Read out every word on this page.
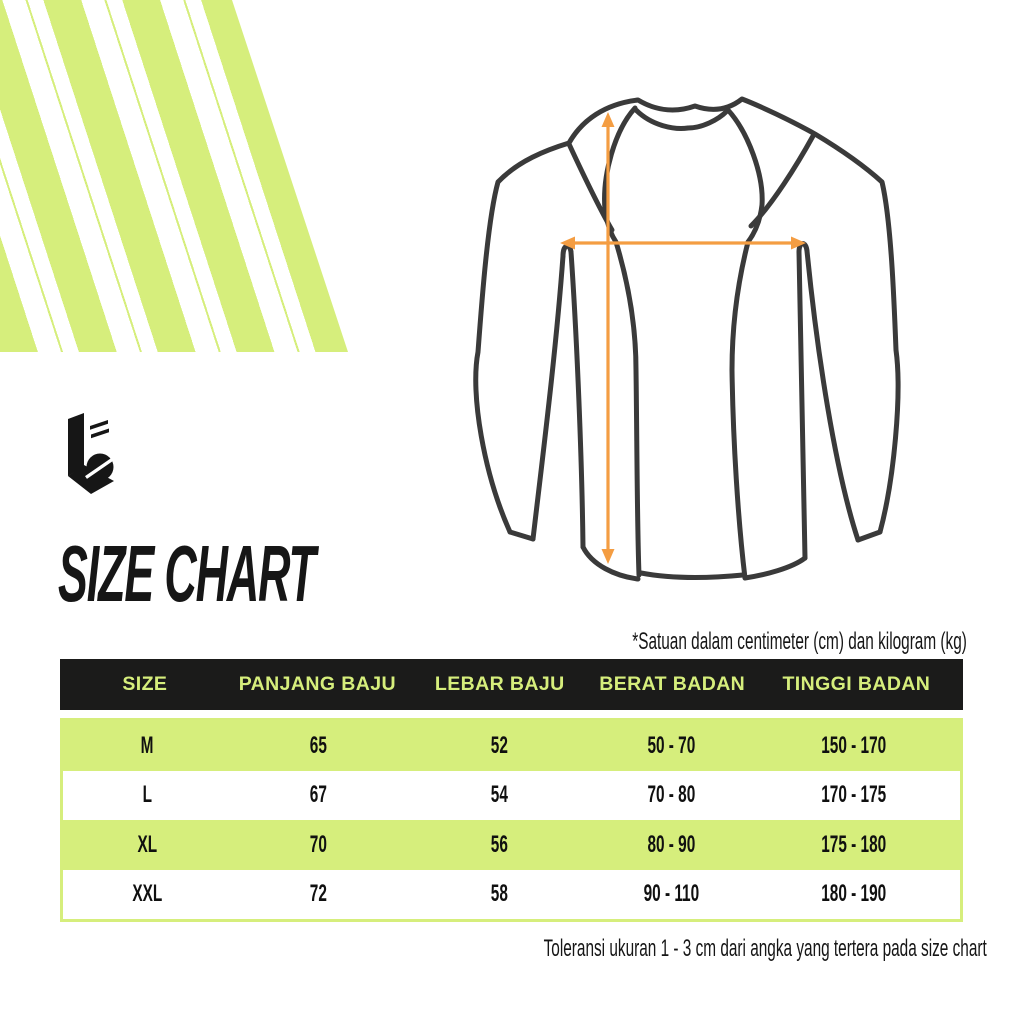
SIZE CHART
*Satuan dalam centimeter (cm) dan kilogram (kg)
SIZE	PANJANG BAJU	LEBAR BAJU	BERAT BADAN	TINGGI BADAN
M	65	52	50 - 70	150 - 170
L	67	54	70 - 80	170 - 175
XL	70	56	80 - 90	175 - 180
XXL	72	58	90 - 110	180 - 190
Toleransi ukuran 1 - 3 cm dari angka yang tertera pada size chart
